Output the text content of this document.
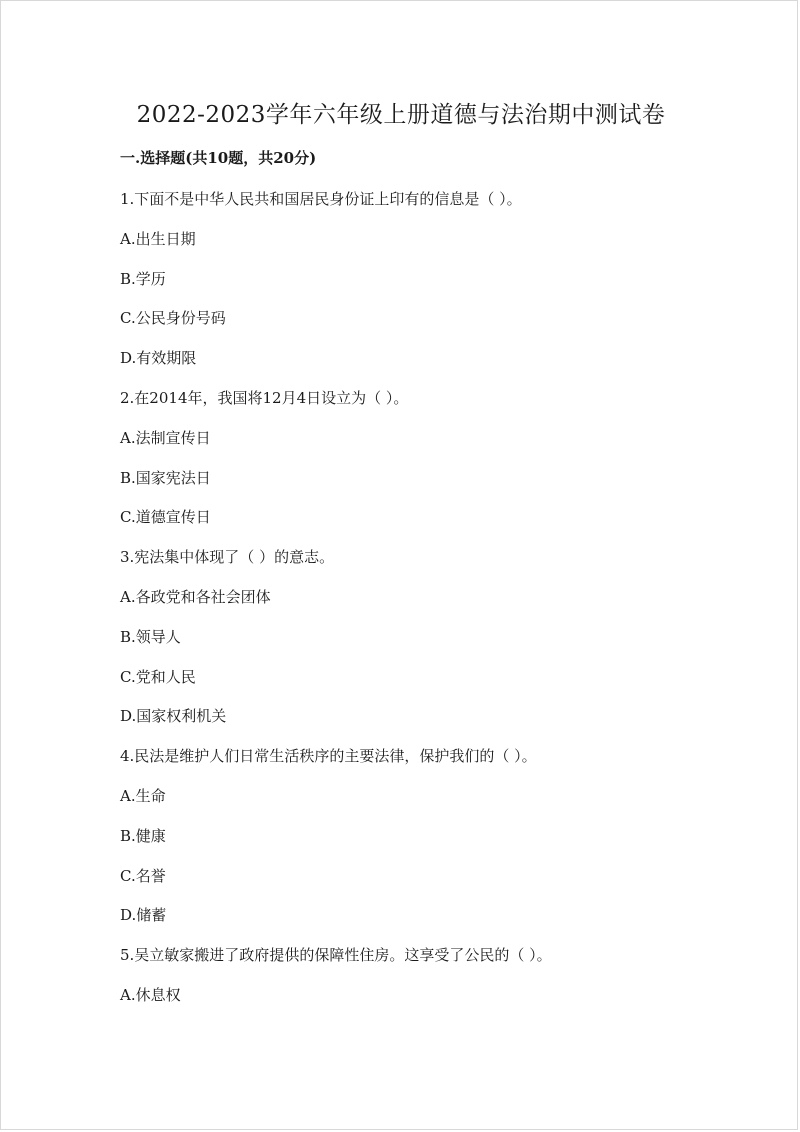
2022-2023学年六年级上册道德与法治期中测试卷
一.选择题(共10题，共20分)
1.下面不是中华人民共和国居民身份证上印有的信息是（ ）。
A.出生日期
B.学历
C.公民身份号码
D.有效期限
2.在2014年，我国将12月4日设立为（ ）。
A.法制宣传日
B.国家宪法日
C.道德宣传日
3.宪法集中体现了（ ）的意志。
A.各政党和各社会团体
B.领导人
C.党和人民
D.国家权利机关
4.民法是维护人们日常生活秩序的主要法律，保护我们的（ ）。
A.生命
B.健康
C.名誉
D.储蓄
5.吴立敏家搬进了政府提供的保障性住房。这享受了公民的（ ）。
A.休息权
